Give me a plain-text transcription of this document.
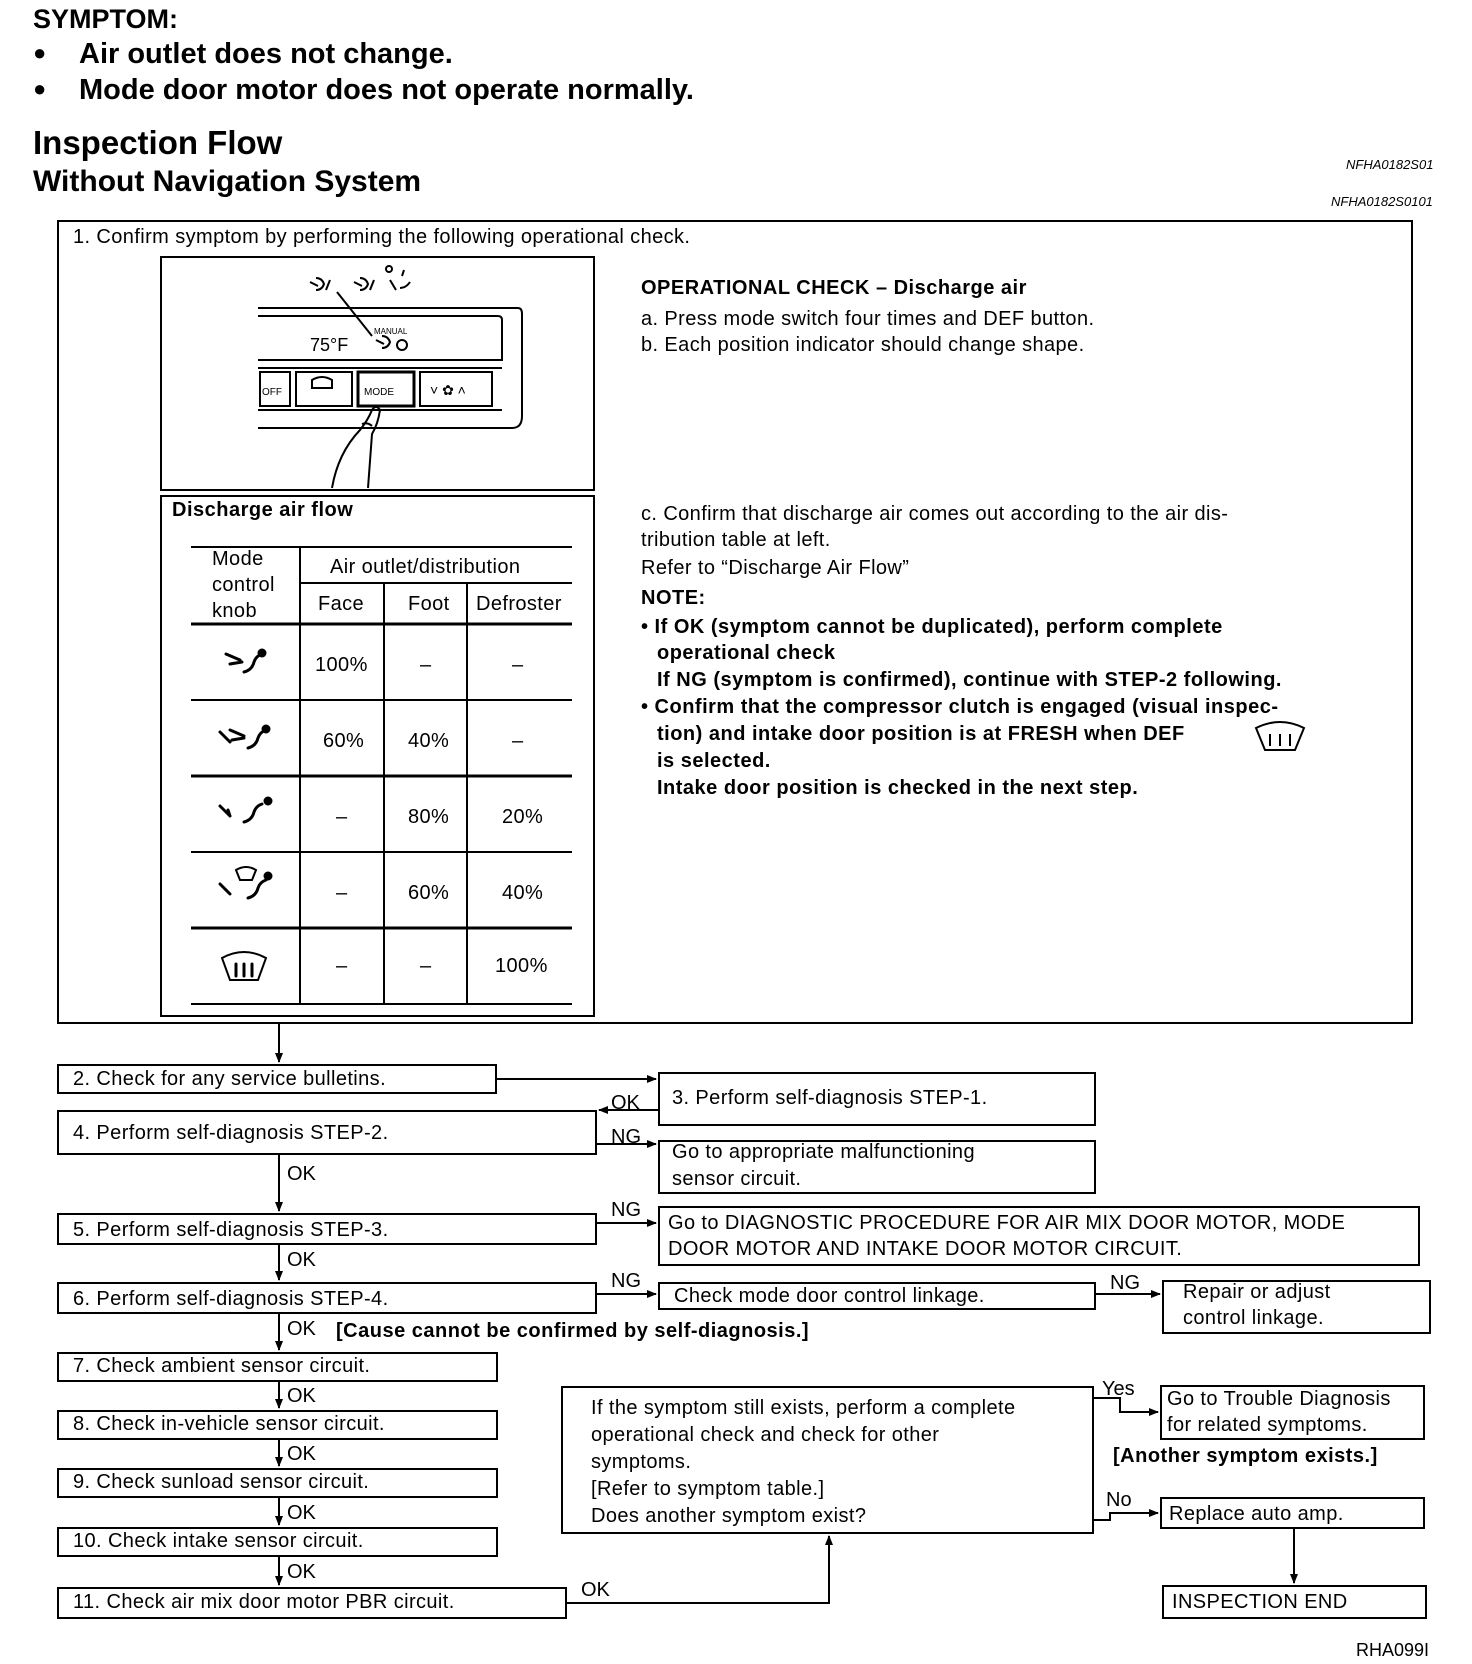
SYMPTOM:
● Air outlet does not change.
● Mode door motor does not operate normally.
Inspection Flow
Without Navigation System
NFHA0182S01
NFHA0182S0101
1. Confirm symptom by performing the following operational check.
OFF	MODE
MANUAL
75°F
˅ ✿ ˄
OPERATIONAL CHECK – Discharge air
a. Press mode switch four times and DEF button.
b. Each position indicator should change shape.
Discharge air flow
Mode
control
knob
Air outlet/distribution
Face Foot Defroster
100%	–	–
60% 40%	–
–	80%	20%
–	60%	40%
–	–	100%
c. Confirm that discharge air comes out according to the air dis-
tribution table at left.
Refer to “Discharge Air Flow”
NOTE:
• If OK (symptom cannot be duplicated), perform complete
operational check
If NG (symptom is confirmed), continue with STEP-2 following.
• Confirm that the compressor clutch is engaged (visual inspec-
tion) and intake door position is at FRESH when DEF
is selected.
Intake door position is checked in the next step.
2. Check for any service bulletins.
3. Perform self-diagnosis STEP-1.
4. Perform self-diagnosis STEP-2.
Go to appropriate malfunctioning
sensor circuit.
5. Perform self-diagnosis STEP-3.	Go to DIAGNOSTIC PROCEDURE FOR AIR MIX DOOR MOTOR, MODE
DOOR MOTOR AND INTAKE DOOR MOTOR CIRCUIT.
6. Perform self-diagnosis STEP-4.	Check mode door control linkage.	Repair or adjust
control linkage.
[Cause cannot be confirmed by self-diagnosis.]
7. Check ambient sensor circuit.
8. Check in-vehicle sensor circuit.
9. Check sunload sensor circuit.
10. Check intake sensor circuit.
11. Check air mix door motor PBR circuit.
If the symptom still exists, perform a complete
operational check and check for other
symptoms.
[Refer to symptom table.]
Does another symptom exist?
Go to Trouble Diagnosis
for related symptoms.
[Another symptom exists.]
Replace auto amp.
INSPECTION END
OK
NG
OK
NG
OK
NG	NG
OK
OK
OK
OK
OK
OK
Yes
No
RHA099I
